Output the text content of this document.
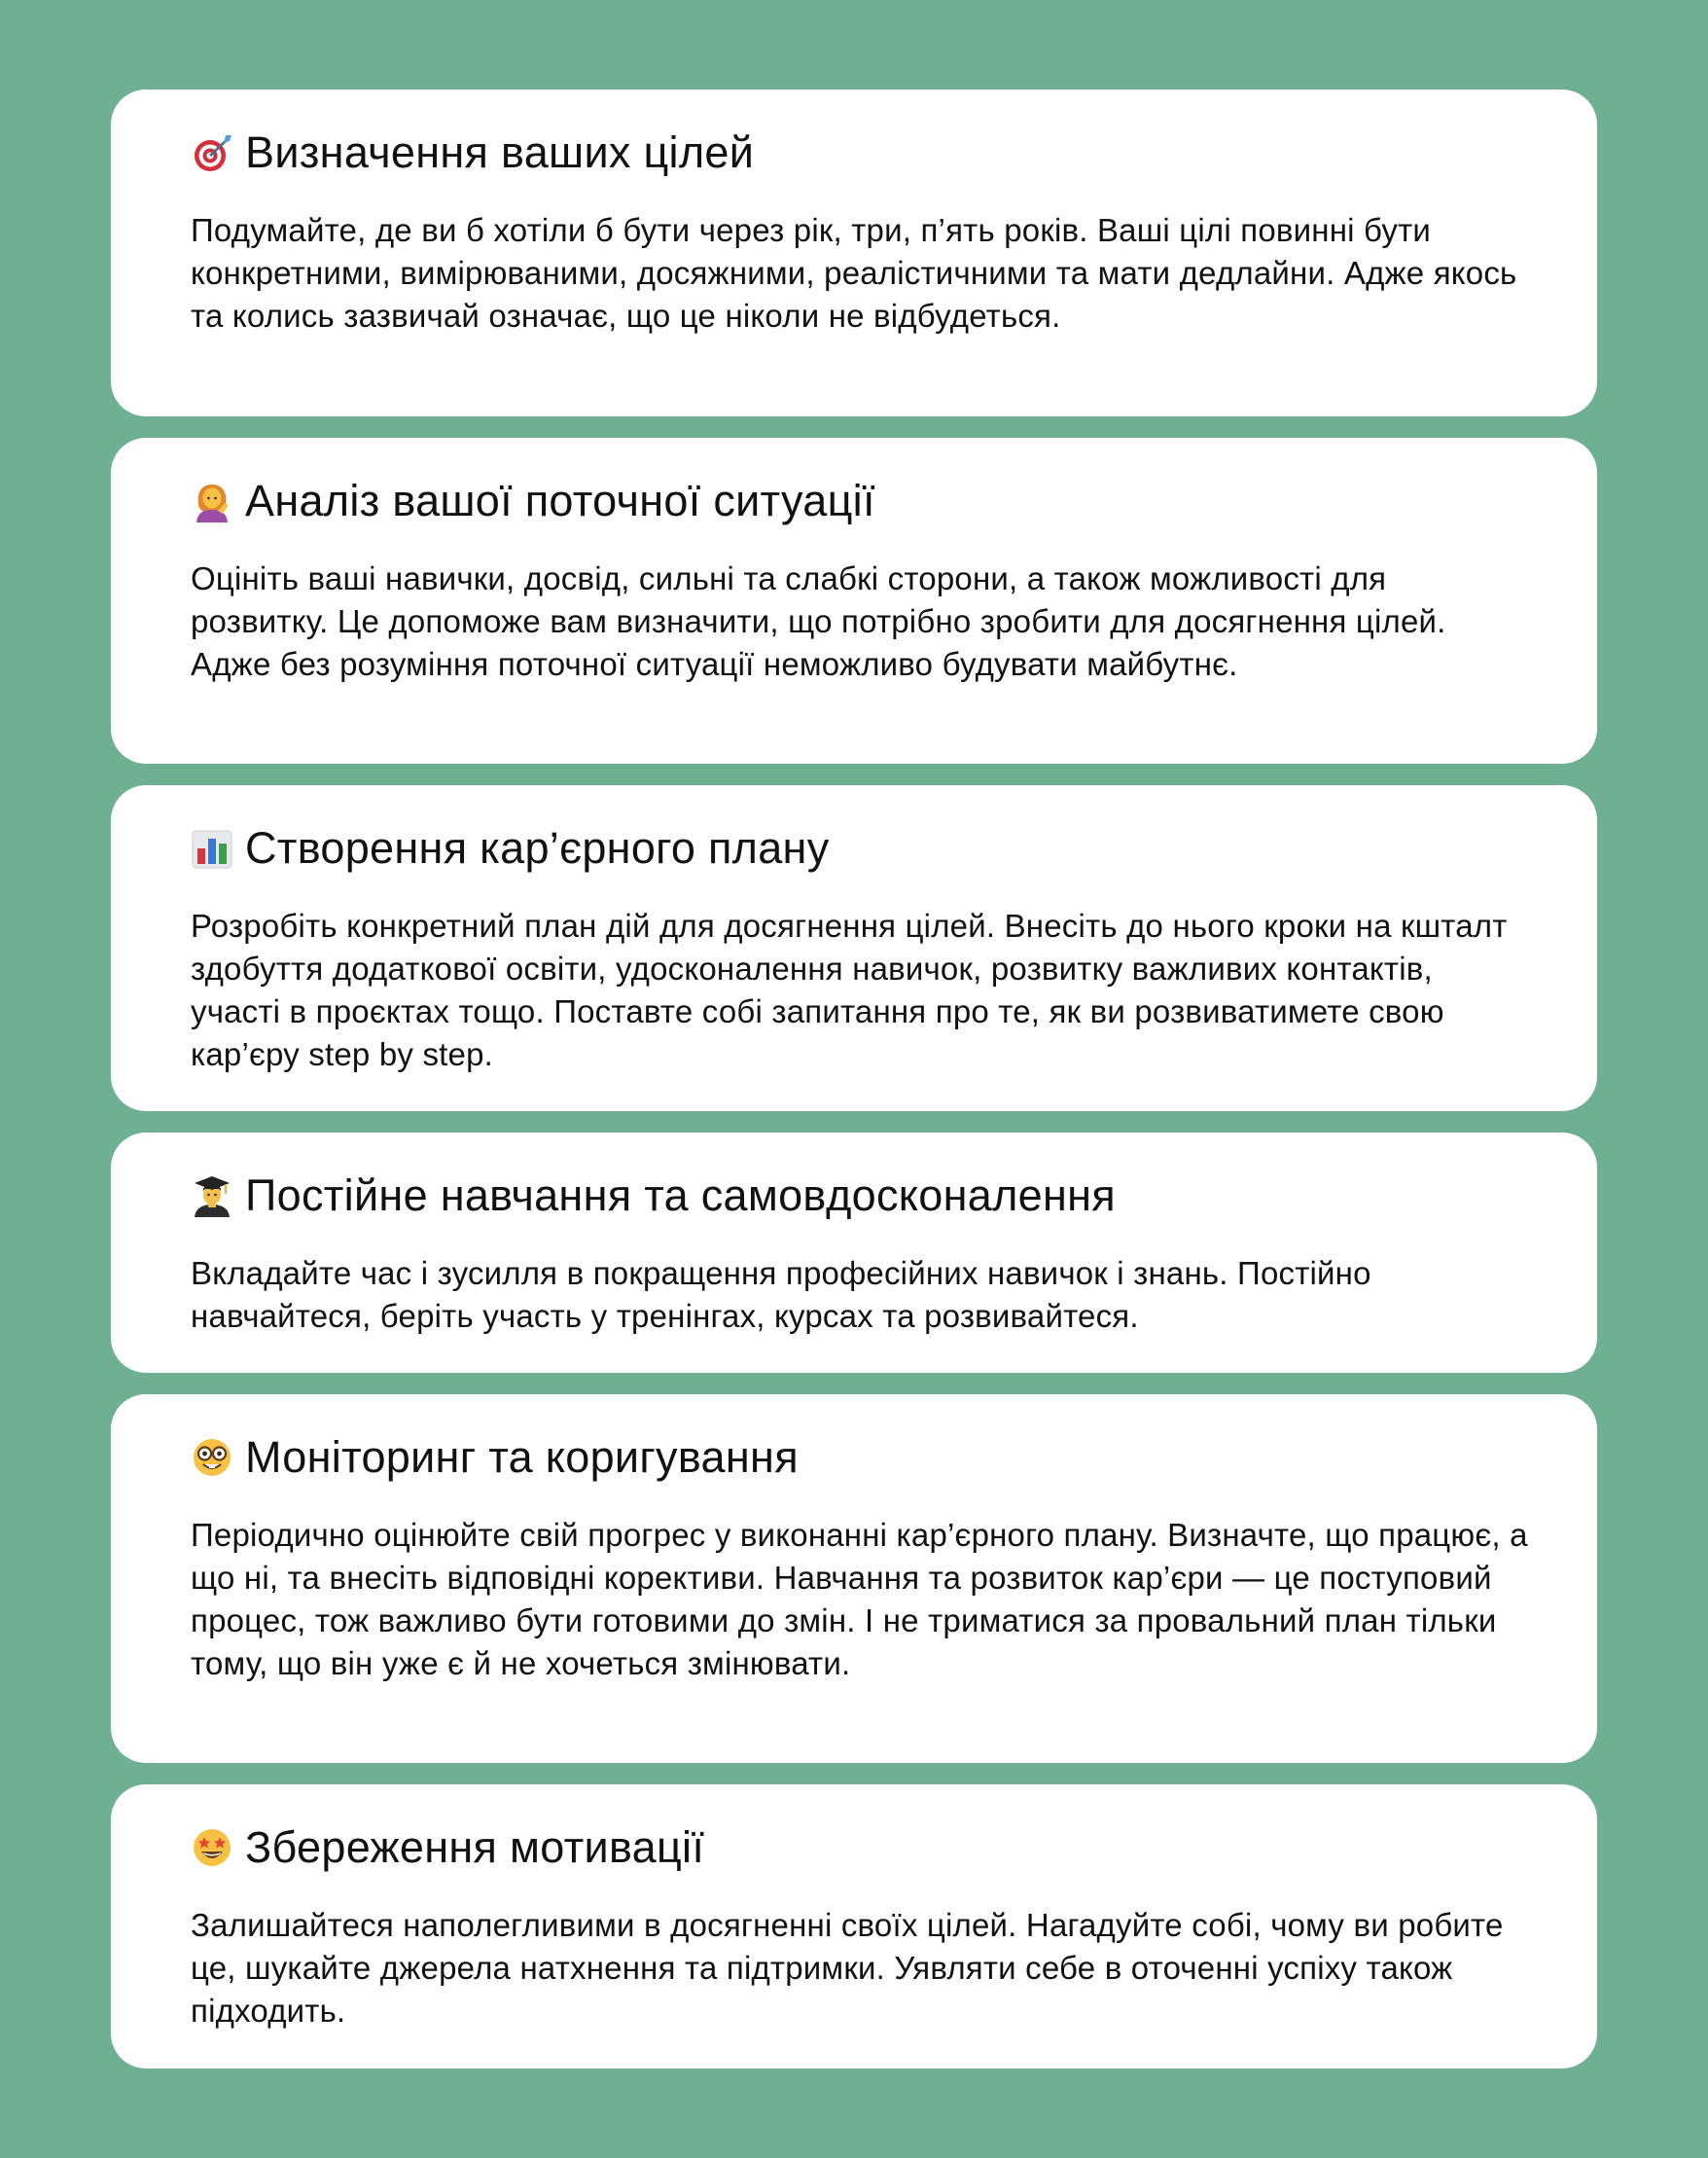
Визначення ваших цілей

Подумайте, де ви б хотіли б бути через рік, три, п’ять років. Ваші цілі повинні бути конкретними, вимірюваними, досяжними, реалістичними та мати дедлайни. Адже якось та колись зазвичай означає, що це ніколи не відбудеться.

Аналіз вашої поточної ситуації

Оцініть ваші навички, досвід, сильні та слабкі сторони, а також можливості для розвитку. Це допоможе вам визначити, що потрібно зробити для досягнення цілей. Адже без розуміння поточної ситуації неможливо будувати майбутнє.

Створення кар’єрного плану

Розробіть конкретний план дій для досягнення цілей. Внесіть до нього кроки на кшталт здобуття додаткової освіти, удосконалення навичок, розвитку важливих контактів, участі в проєктах тощо. Поставте собі запитання про те, як ви розвиватимете свою кар’єру step by step.

Постійне навчання та самовдосконалення

Вкладайте час і зусилля в покращення професійних навичок і знань. Постійно навчайтеся, беріть участь у тренінгах, курсах та розвивайтеся.

Моніторинг та коригування

Періодично оцінюйте свій прогрес у виконанні кар’єрного плану. Визначте, що працює, а що ні, та внесіть відповідні корективи. Навчання та розвиток кар’єри — це поступовий процес, тож важливо бути готовими до змін. І не триматися за провальний план тільки тому, що він уже є й не хочеться змінювати.

Збереження мотивації

Залишайтеся наполегливими в досягненні своїх цілей. Нагадуйте собі, чому ви робите це, шукайте джерела натхнення та підтримки. Уявляти себе в оточенні успіху також підходить.
